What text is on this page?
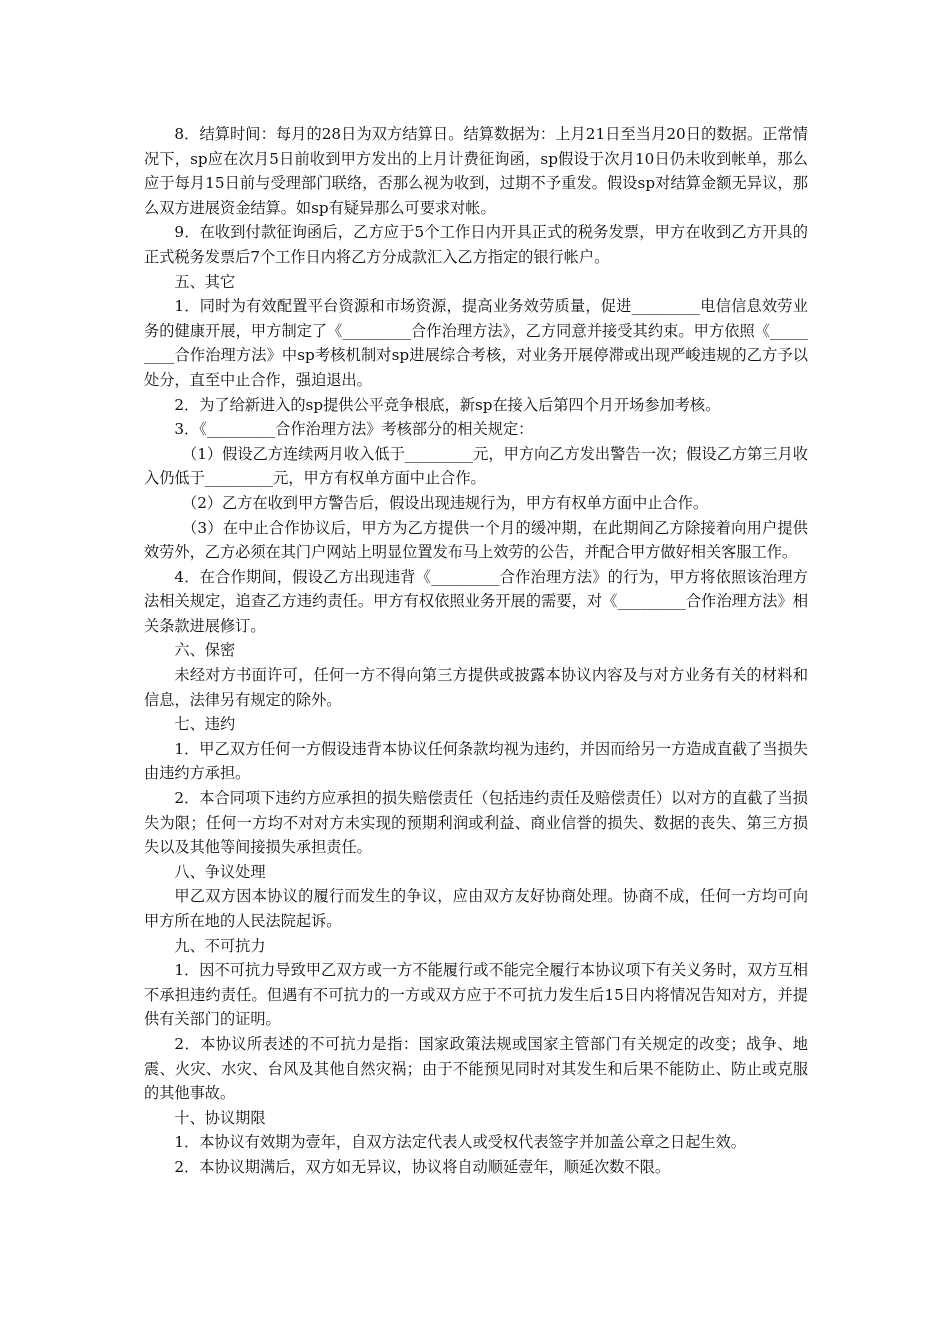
8．结算时间：每月的28日为双方结算日。结算数据为：上月21日至当月20日的数据。正常情况下，sp应在次月5日前收到甲方发出的上月计费征询函，sp假设于次月10日仍未收到帐单，那么应于每月15日前与受理部门联络，否那么视为收到，过期不予重发。假设sp对结算金额无异议，那么双方进展资金结算。如sp有疑异那么可要求对帐。

9．在收到付款征询函后，乙方应于5个工作日内开具正式的税务发票，甲方在收到乙方开具的正式税务发票后7个工作日内将乙方分成款汇入乙方指定的银行帐户。

五、其它

1．同时为有效配置平台资源和市场资源，提高业务效劳质量，促进_________电信信息效劳业务的健康开展，甲方制定了《_________合作治理方法》，乙方同意并接受其约束。甲方依照《_________合作治理方法》中sp考核机制对sp进展综合考核，对业务开展停滞或出现严峻违规的乙方予以处分，直至中止合作，强迫退出。

2．为了给新进入的sp提供公平竞争根底，新sp在接入后第四个月开场参加考核。

3．《_________合作治理方法》考核部分的相关规定：

（1）假设乙方连续两月收入低于_________元，甲方向乙方发出警告一次；假设乙方第三月收入仍低于_________元，甲方有权单方面中止合作。

（2）乙方在收到甲方警告后，假设出现违规行为，甲方有权单方面中止合作。

（3）在中止合作协议后，甲方为乙方提供一个月的缓冲期，在此期间乙方除接着向用户提供效劳外，乙方必须在其门户网站上明显位置发布马上效劳的公告，并配合甲方做好相关客服工作。

4．在合作期间，假设乙方出现违背《_________合作治理方法》的行为，甲方将依照该治理方法相关规定，追查乙方违约责任。甲方有权依照业务开展的需要，对《_________合作治理方法》相关条款进展修订。

六、保密

未经对方书面许可，任何一方不得向第三方提供或披露本协议内容及与对方业务有关的材料和信息，法律另有规定的除外。

七、违约

1．甲乙双方任何一方假设违背本协议任何条款均视为违约，并因而给另一方造成直截了当损失由违约方承担。

2．本合同项下违约方应承担的损失赔偿责任（包括违约责任及赔偿责任）以对方的直截了当损失为限；任何一方均不对对方未实现的预期利润或利益、商业信誉的损失、数据的丧失、第三方损失以及其他等间接损失承担责任。

八、争议处理

甲乙双方因本协议的履行而发生的争议，应由双方友好协商处理。协商不成，任何一方均可向甲方所在地的人民法院起诉。

九、不可抗力

1．因不可抗力导致甲乙双方或一方不能履行或不能完全履行本协议项下有关义务时，双方互相不承担违约责任。但遇有不可抗力的一方或双方应于不可抗力发生后15日内将情况告知对方，并提供有关部门的证明。

2．本协议所表述的不可抗力是指：国家政策法规或国家主管部门有关规定的改变；战争、地震、火灾、水灾、台风及其他自然灾祸；由于不能预见同时对其发生和后果不能防止、防止或克服的其他事故。

十、协议期限

1．本协议有效期为壹年，自双方法定代表人或受权代表签字并加盖公章之日起生效。

2．本协议期满后，双方如无异议，协议将自动顺延壹年，顺延次数不限。
